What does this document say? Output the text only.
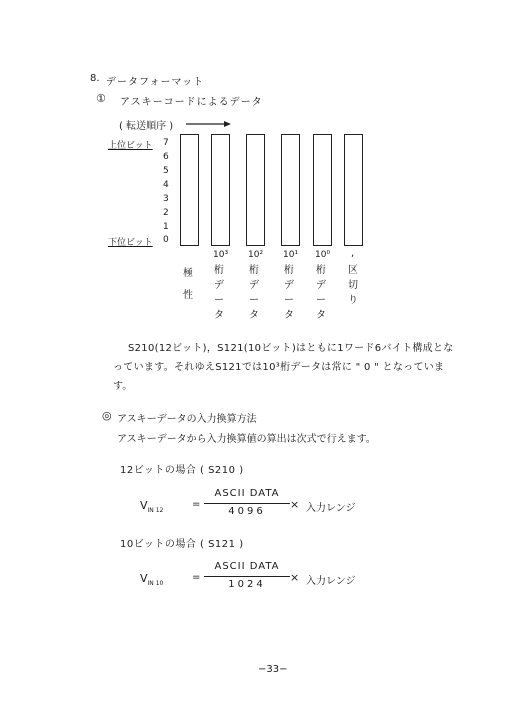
8. データフォーマット
① アスキーコードによるデータ
( 転送順序 )
上位ビット
下位ビット
7
6
5
4
3
2
1
0
10³ 10² 10¹ 10⁰ ,
極
性
桁
デ
ー
タ
桁
デ
ー
タ
桁
デ
ー
タ
桁
デ
ー
タ
区
切
り
S210(12ビット)，S121(10ビット)はともに1ワード6バイト構成とな
っています。それゆえS121では10³桁データは常に " 0 " となっていま
す。
◎ アスキーデータの入力換算方法
アスキーデータから入力換算値の算出は次式で行えます。
12ビットの場合 ( S210 )
$V_{IN 12}$
=
ASCII DATA
4096
× 入力レンジ
10ビットの場合 ( S121 )
$V_{IN 10}$
=
ASCII DATA
1024
× 入力レンジ
−33−
